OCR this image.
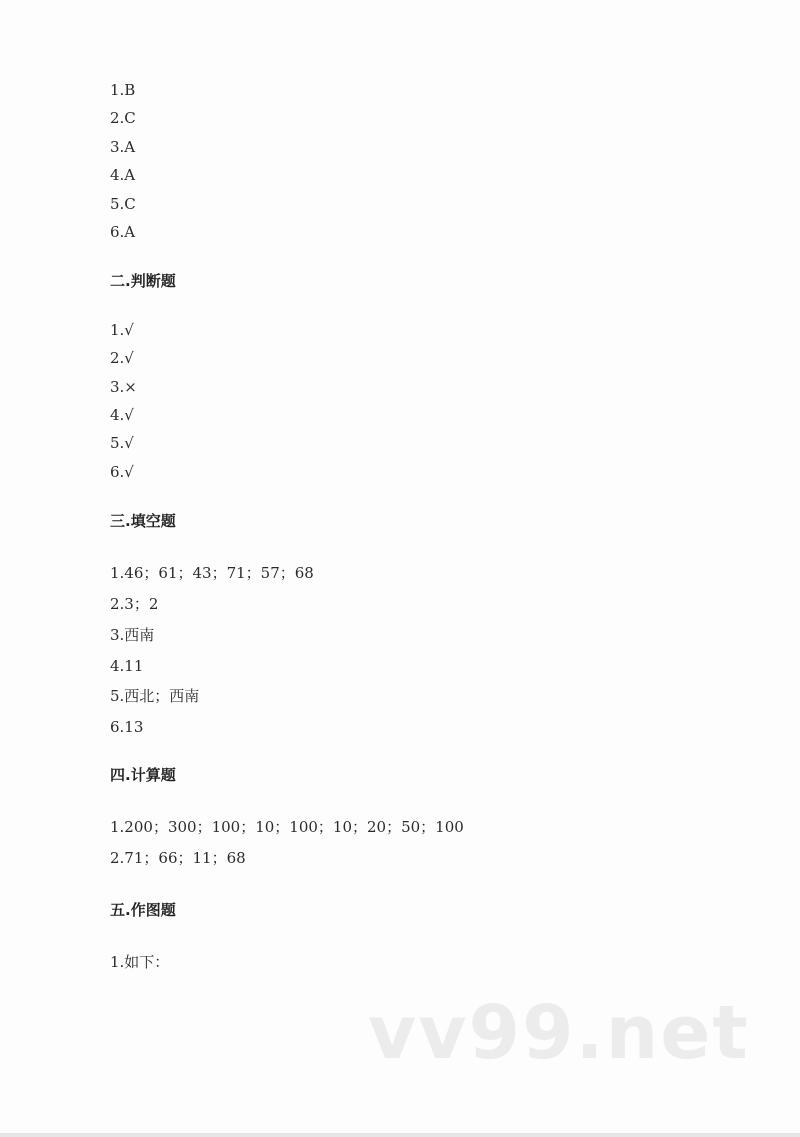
1.B
2.C
3.A
4.A
5.C
6.A
二.判断题
1.√
2.√
3.×
4.√
5.√
6.√
三.填空题
1.46；61；43；71；57；68
2.3；2
3.西南
4.11
5.西北；西南
6.13
四.计算题
1.200；300；100；10；100；10；20；50；100
2.71；66；11；68
五.作图题
1.如下：
vv99.net
